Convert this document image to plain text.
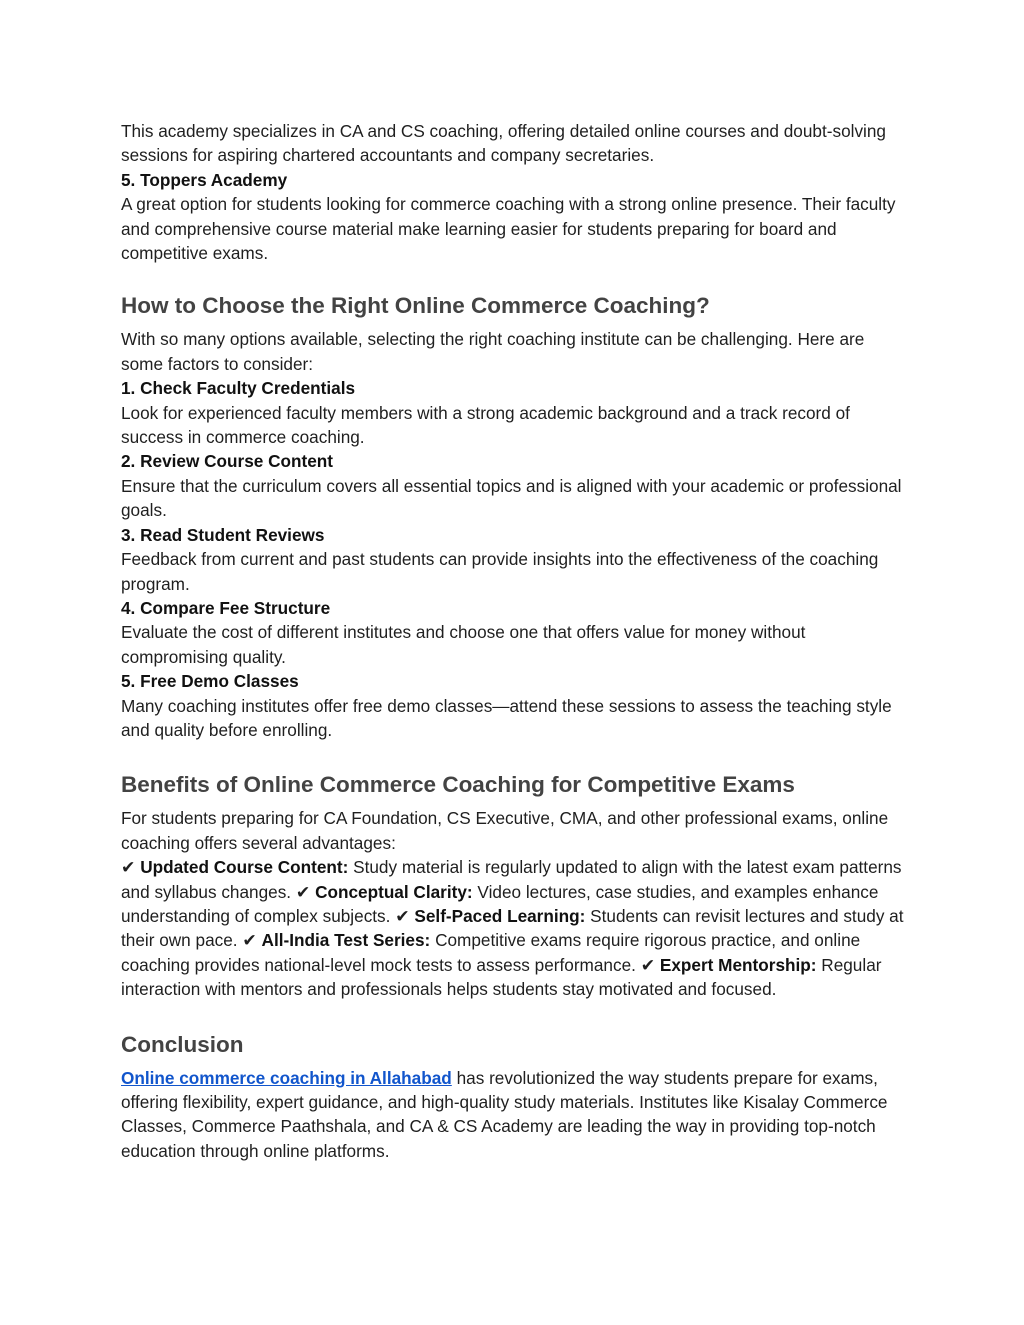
This academy specializes in CA and CS coaching, offering detailed online courses and doubt-solving sessions for aspiring chartered accountants and company secretaries.

5. Toppers Academy

A great option for students looking for commerce coaching with a strong online presence. Their faculty and comprehensive course material make learning easier for students preparing for board and competitive exams.

How to Choose the Right Online Commerce Coaching?

With so many options available, selecting the right coaching institute can be challenging. Here are some factors to consider:

1. Check Faculty Credentials

Look for experienced faculty members with a strong academic background and a track record of success in commerce coaching.

2. Review Course Content

Ensure that the curriculum covers all essential topics and is aligned with your academic or professional goals.

3. Read Student Reviews

Feedback from current and past students can provide insights into the effectiveness of the coaching program.

4. Compare Fee Structure

Evaluate the cost of different institutes and choose one that offers value for money without compromising quality.

5. Free Demo Classes

Many coaching institutes offer free demo classes—attend these sessions to assess the teaching style and quality before enrolling.

Benefits of Online Commerce Coaching for Competitive Exams

For students preparing for CA Foundation, CS Executive, CMA, and other professional exams, online coaching offers several advantages:

✔ Updated Course Content: Study material is regularly updated to align with the latest exam patterns and syllabus changes. ✔ Conceptual Clarity: Video lectures, case studies, and examples enhance understanding of complex subjects. ✔ Self-Paced Learning: Students can revisit lectures and study at their own pace. ✔ All-India Test Series: Competitive exams require rigorous practice, and online coaching provides national-level mock tests to assess performance. ✔ Expert Mentorship: Regular interaction with mentors and professionals helps students stay motivated and focused.

Conclusion

Online commerce coaching in Allahabad has revolutionized the way students prepare for exams, offering flexibility, expert guidance, and high-quality study materials. Institutes like Kisalay Commerce Classes, Commerce Paathshala, and CA & CS Academy are leading the way in providing top-notch education through online platforms.
